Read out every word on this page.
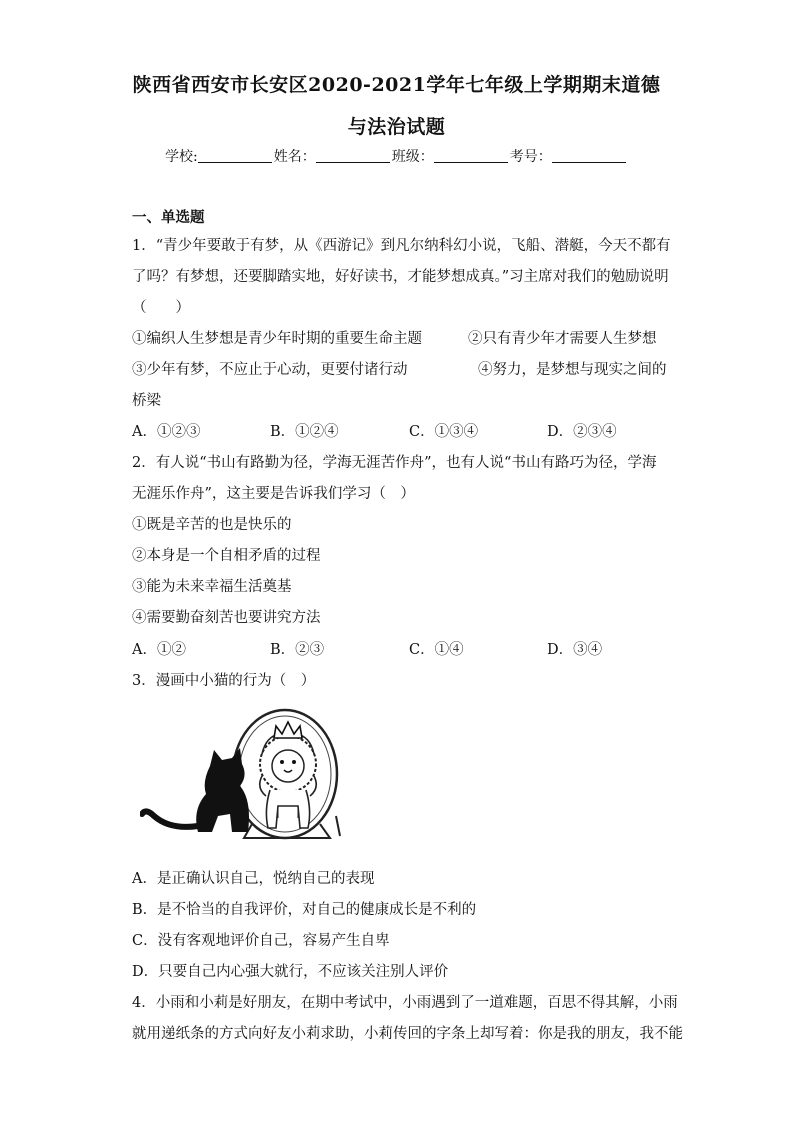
陕西省西安市长安区2020-2021学年七年级上学期期末道德
与法治试题
学校:	姓名：	班级：	考号：
一、单选题
1．“青少年要敢于有梦，从《西游记》到凡尔纳科幻小说，飞船、潜艇，今天不都有
了吗？有梦想，还要脚踏实地，好好读书，才能梦想成真。”习主席对我们的勉励说明
（　　）
①编织人生梦想是青少年时期的重要生命主题	②只有青少年才需要人生梦想
③少年有梦，不应止于心动，更要付诸行动	④努力，是梦想与现实之间的
桥梁
A．①②③	B．①②④	C．①③④	D．②③④
2．有人说“书山有路勤为径，学海无涯苦作舟”，也有人说“书山有路巧为径，学海
无涯乐作舟”，这主要是告诉我们学习（　）
①既是辛苦的也是快乐的
②本身是一个自相矛盾的过程
③能为未来幸福生活奠基
④需要勤奋刻苦也要讲究方法
A．①②	B．②③	C．①④	D．③④
3．漫画中小猫的行为（　）
A．是正确认识自己，悦纳自己的表现
B．是不恰当的自我评价，对自己的健康成长是不利的
C．没有客观地评价自己，容易产生自卑
D．只要自己内心强大就行，不应该关注别人评价
4．小雨和小莉是好朋友，在期中考试中，小雨遇到了一道难题，百思不得其解，小雨
就用递纸条的方式向好友小莉求助，小莉传回的字条上却写着：你是我的朋友，我不能
